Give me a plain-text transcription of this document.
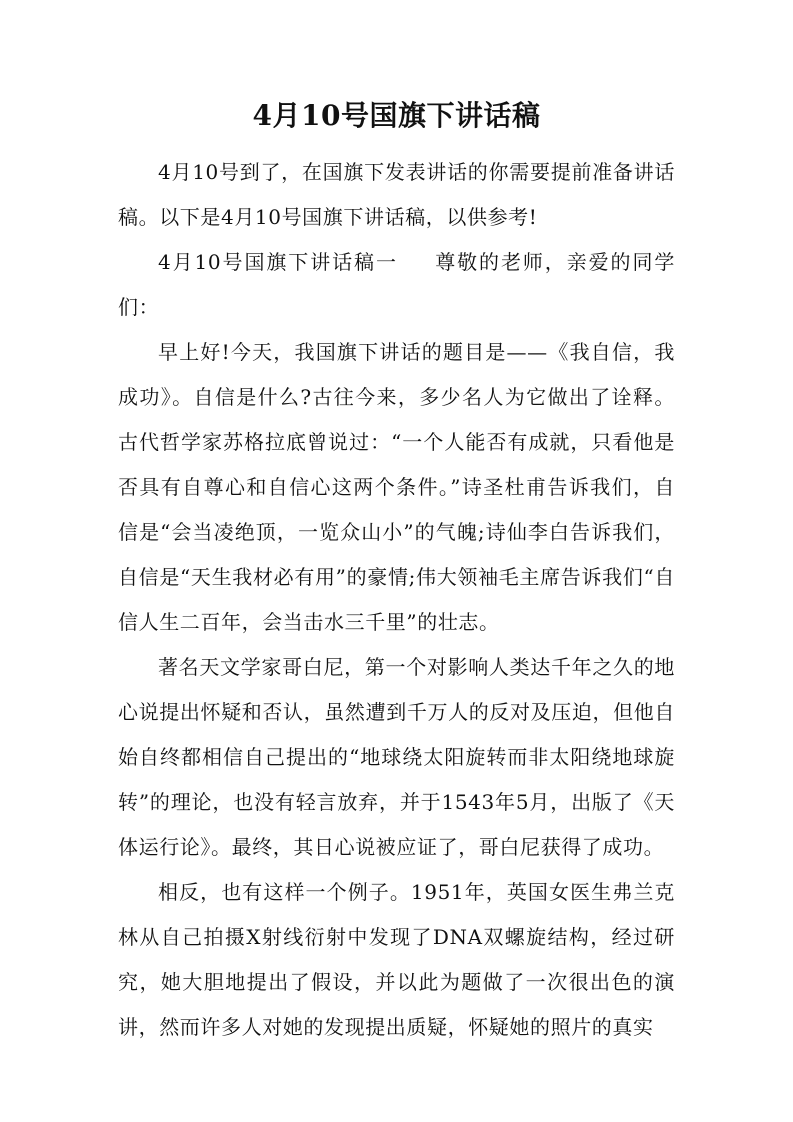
4月10号国旗下讲话稿

4月10号到了，在国旗下发表讲话的你需要提前准备讲话稿。以下是4月10号国旗下讲话稿，以供参考!

4月10号国旗下讲话稿一 尊敬的老师，亲爱的同学们：

早上好!今天，我国旗下讲话的题目是——《我自信，我成功》。自信是什么?古往今来，多少名人为它做出了诠释。古代哲学家苏格拉底曾说过：“一个人能否有成就，只看他是否具有自尊心和自信心这两个条件。”诗圣杜甫告诉我们，自信是“会当凌绝顶，一览众山小”的气魄;诗仙李白告诉我们，自信是“天生我材必有用”的豪情;伟大领袖毛主席告诉我们“自信人生二百年，会当击水三千里”的壮志。

著名天文学家哥白尼，第一个对影响人类达千年之久的地心说提出怀疑和否认，虽然遭到千万人的反对及压迫，但他自始自终都相信自己提出的“地球绕太阳旋转而非太阳绕地球旋转”的理论，也没有轻言放弃，并于1543年5月，出版了《天体运行论》。最终，其日心说被应证了，哥白尼获得了成功。

相反，也有这样一个例子。1951年，英国女医生弗兰克林从自己拍摄X射线衍射中发现了DNA双螺旋结构，经过研究，她大胆地提出了假设，并以此为题做了一次很出色的演讲，然而许多人对她的发现提出质疑，怀疑她的照片的真实
